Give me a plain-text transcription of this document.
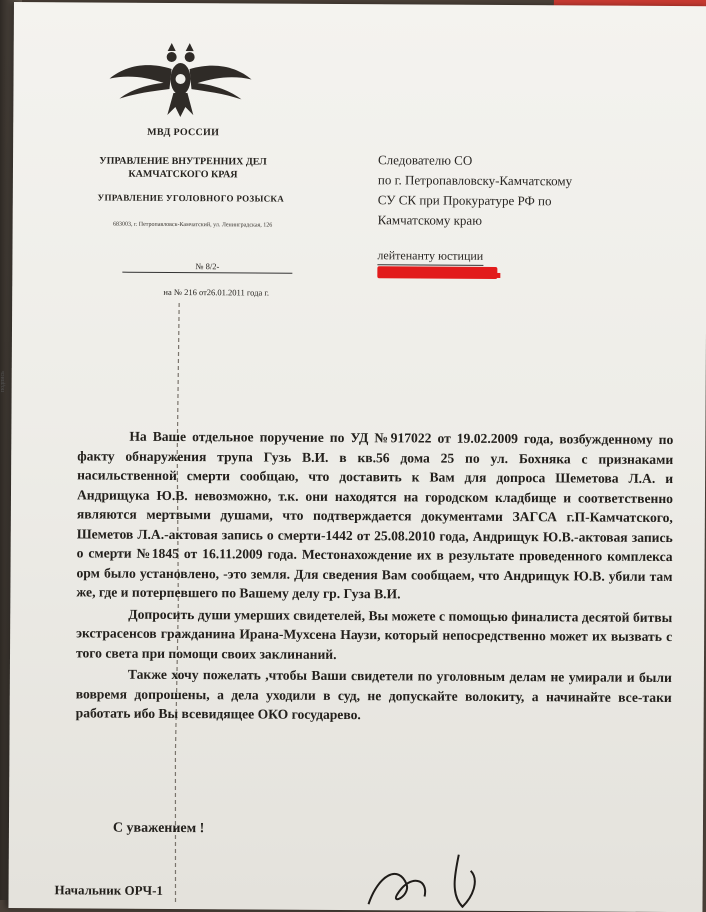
МВД РОССИИ
УПРАВЛЕНИЕ ВНУТРЕННИХ ДЕЛ КАМЧАТСКОГО КРАЯ
УПРАВЛЕНИЕ УГОЛОВНОГО РОЗЫСКА
683003, г. Петропавловск-Камчатский, ул. Ленинградская, 126
№ 8/2-
на № 216 от26.01.2011 года г.
Следователю СО
по г. Петропавловску-Камчатскому
СУ СК при Прокуратуре РФ по
Камчатскому краю
лейтенанту юстиции

На Ваше отдельное поручение по УД №917022 от 19.02.2009 года, возбужденному по факту обнаружения трупа Гузь В.И. в кв.56 дома 25 по ул. Бохняка с признаками насильственной смерти сообщаю, что доставить к Вам для допроса Шеметова Л.А. и Андрищука Ю.В. невозможно, т.к. они находятся на городском кладбище и соответственно являются мертвыми душами, что подтверждается документами ЗАГСА г.П-Камчатского, Шеметов Л.А.-актовая запись о смерти-1442 от 25.08.2010 года, Андрищук Ю.В.-актовая запись о смерти №1845 от 16.11.2009 года. Местонахождение их в результате проведенного комплекса орм было установлено, -это земля. Для сведения Вам сообщаем, что Андрищук Ю.В. убили там же, где и потерпевшего по Вашему делу гр. Гуза В.И.

Допросить души умерших свидетелей, Вы можете с помощью финалиста десятой битвы экстрасенсов гражданина Ирана-Мухсена Наузи, который непосредственно может их вызвать с того света при помощи своих заклинаний.

Также хочу пожелать ,чтобы Ваши свидетели по уголовным делам не умирали и были вовремя допрошены, а дела уходили в суд, не допускайте волокиту, а начинайте все-таки работать ибо Вы всевидящее ОКО государево.

С уважением !
Начальник ОРЧ-1
подпись
